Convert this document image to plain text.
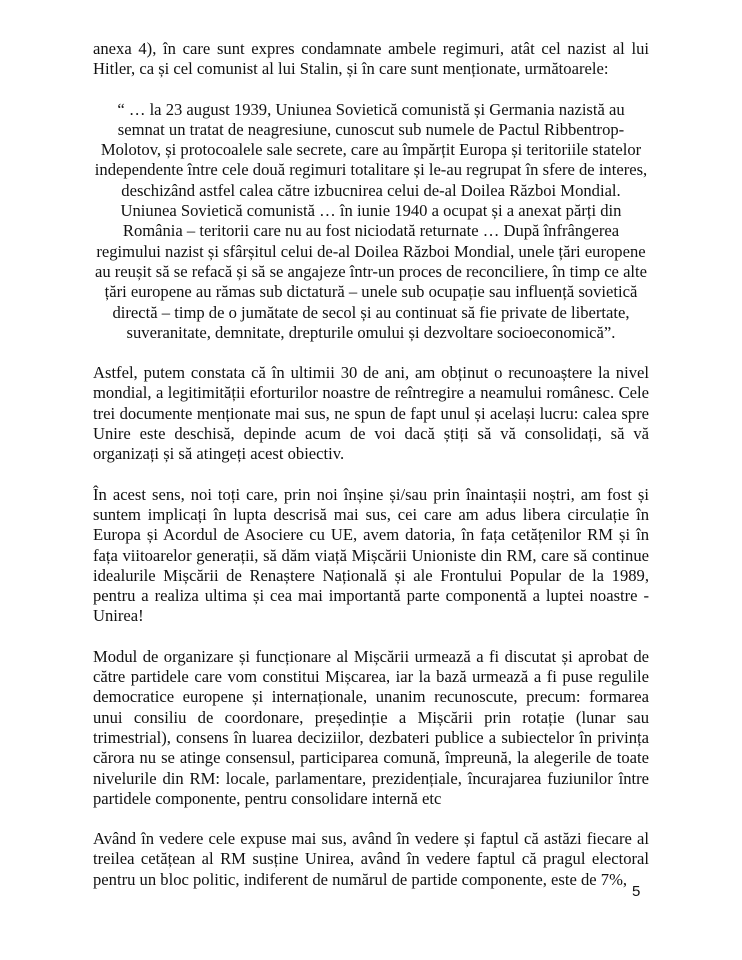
anexa 4), în care sunt expres condamnate ambele regimuri, atât cel nazist al lui Hitler, ca și cel comunist al lui Stalin, și în care sunt menționate, următoarele:

“ … la 23 august 1939, Uniunea Sovietică comunistă și Germania nazistă au semnat un tratat de neagresiune, cunoscut sub numele de Pactul Ribbentrop-Molotov, și protocoalele sale secrete, care au împărțit Europa și teritoriile statelor independente între cele două regimuri totalitare și le-au regrupat în sfere de interes, deschizând astfel calea către izbucnirea celui de-al Doilea Război Mondial. Uniunea Sovietică comunistă … în iunie 1940 a ocupat și a anexat părți din România – teritorii care nu au fost niciodată returnate … După înfrângerea regimului nazist și sfârșitul celui de-al Doilea Război Mondial, unele țări europene au reușit să se refacă și să se angajeze într-un proces de reconciliere, în timp ce alte țări europene au rămas sub dictatură – unele sub ocupație sau influență sovietică directă – timp de o jumătate de secol și au continuat să fie private de libertate, suveranitate, demnitate, drepturile omului și dezvoltare socioeconomică”.

Astfel, putem constata că în ultimii 30 de ani, am obținut o recunoaștere la nivel mondial, a legitimității eforturilor noastre de reîntregire a neamului românesc. Cele trei documente menționate mai sus, ne spun de fapt unul și același lucru: calea spre Unire este deschisă, depinde acum de voi dacă știți să vă consolidați, să vă organizați și să atingeți acest obiectiv.

În acest sens, noi toți care, prin noi înșine și/sau prin înaintașii noștri, am fost și suntem implicați în lupta descrisă mai sus, cei care am adus libera circulație în Europa și Acordul de Asociere cu UE, avem datoria, în fața cetățenilor RM și în fața viitoarelor generații, să dăm viață Mișcării Unioniste din RM, care să continue idealurile Mișcării de Renaștere Națională și ale Frontului Popular de la 1989, pentru a realiza ultima și cea mai importantă parte componentă a luptei noastre - Unirea!

Modul de organizare și funcționare al Mișcării urmează a fi discutat și aprobat de către partidele care vom constitui Mișcarea, iar la bază urmează a fi puse regulile democratice europene și internaționale, unanim recunoscute, precum: formarea unui consiliu de coordonare, președinție a Mișcării prin rotație (lunar sau trimestrial), consens în luarea deciziilor, dezbateri publice a subiectelor în privința cărora nu se atinge consensul, participarea comună, împreună, la alegerile de toate nivelurile din RM: locale, parlamentare, prezidențiale, încurajarea fuziunilor între partidele componente, pentru consolidare internă etc

Având în vedere cele expuse mai sus, având în vedere și faptul că astăzi fiecare al treilea cetățean al RM susține Unirea, având în vedere faptul că pragul electoral pentru un bloc politic, indiferent de numărul de partide componente, este de 7%,

5
